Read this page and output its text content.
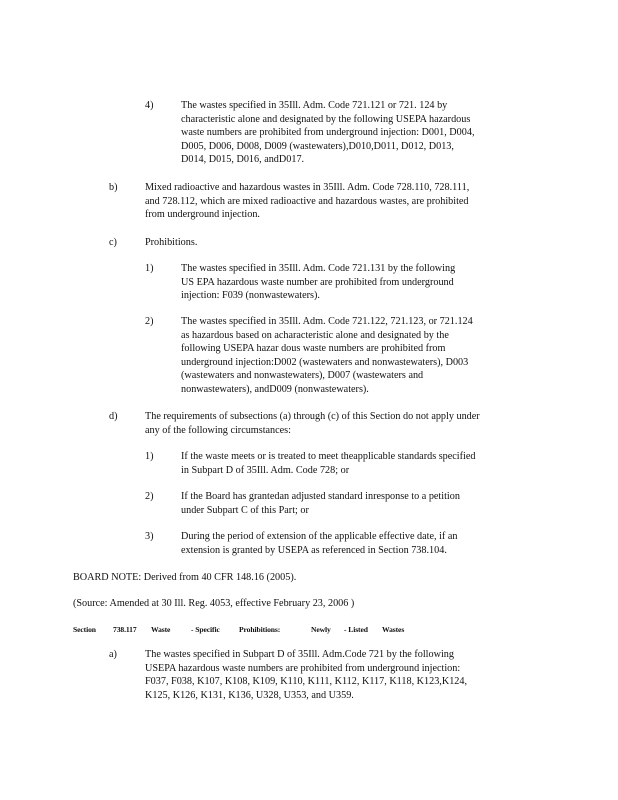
4)	The wastes specified in 35Ill. Adm. Code 721.121 or 721. 124 by

characteristic alone and designated by the following USEPA hazardous

waste numbers are prohibited from underground injection: D001, D004,

D005, D006, D008, D009 (wastewaters),D010,D011, D012, D013,

D014, D015, D016, andD017.

b)	Mixed radioactive and hazardous wastes in 35Ill. Adm. Code 728.110, 728.111,

and 728.112, which are mixed radioactive and hazardous wastes, are prohibited

from underground injection.

c)	Prohibitions.

1)	The wastes specified in 35Ill. Adm. Code 721.131 by the following

US EPA hazardous waste number are prohibited from underground

injection: F039 (nonwastewaters).

2)	The wastes specified in 35Ill. Adm. Code 721.122, 721.123, or 721.124

as hazardous based on acharacteristic alone and designated by the

following USEPA hazar dous waste numbers are prohibited from

underground injection:D002 (wastewaters and nonwastewaters), D003

(wastewaters and nonwastewaters), D007 (wastewaters and

nonwastewaters), andD009 (nonwastewaters).

d)	The requirements of subsections (a) through (c) of this Section do not apply under

any of the following circumstances:

1)	If the waste meets or is treated to meet theapplicable standards specified

in Subpart D of 35Ill. Adm. Code 728; or

2)	If the Board has grantedan adjusted standard inresponse to a petition

under Subpart C of this Part; or

3)	During the period of extension of the applicable effective date, if an

extension is granted by USEPA as referenced in Section 738.104.

BOARD NOTE: Derived from 40 CFR 148.16 (2005).
(Source: Amended at 30 Ill. Reg. 4053, effective February 23, 2006 )
Section 738.117 Waste	- Specific	Prohibitions:	Newly - Listed Wastes
a)	The wastes specified in Subpart D of 35Ill. Adm.Code 721 by the following

USEPA hazardous waste numbers are prohibited from underground injection:

F037, F038, K107, K108, K109, K110, K111, K112, K117, K118, K123,K124,

K125, K126, K131, K136, U328, U353, and U359.
